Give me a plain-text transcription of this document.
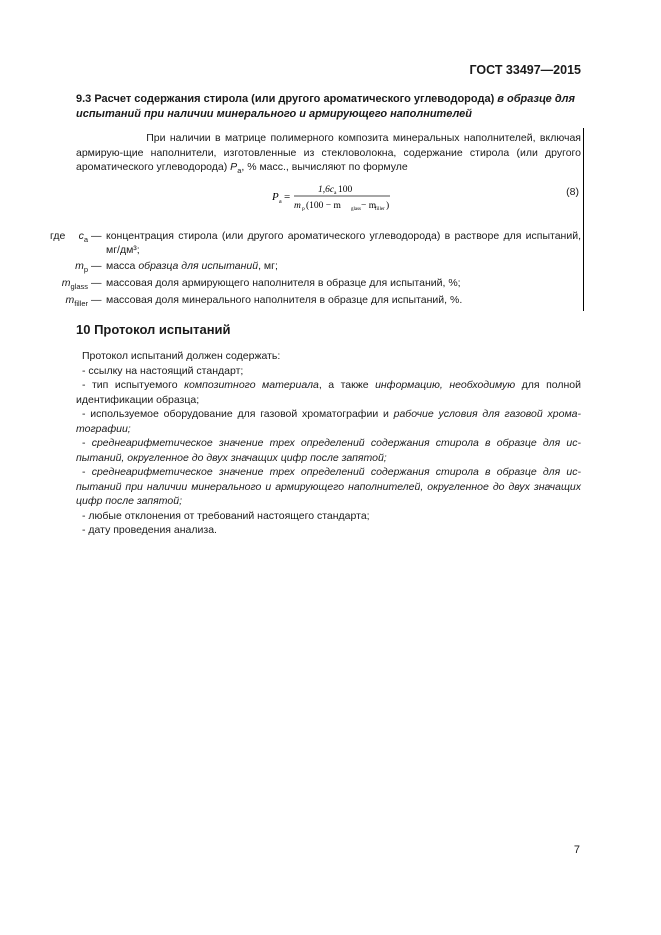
ГОСТ 33497—2015
9.3 Расчет содержания стирола (или другого ароматического углеводорода) в образце для испытаний при наличии минерального и армирующего наполнителей
При наличии в матрице полимерного композита минеральных наполнителей, включая армирую-щие наполнители, изготовленные из стекловолокна, содержание стирола (или другого ароматического углеводорода) $P_a$, % масс., вычисляют по формуле
P a =
1,6c a 100
m p (100 − m glass − m
filler )
(8)
где	$c_a$ — концентрация стирола (или другого ароматического углеводорода) в растворе для испытаний, мг/дм³;
$m_p$ — масса образца для испытаний, мг;
$m_{glass}$ — массовая доля армирующего наполнителя в образце для испытаний, %;
$m_{filler}$ — массовая доля минерального наполнителя в образце для испытаний, %.
10 Протокол испытаний
Протокол испытаний должен содержать:
- ссылку на настоящий стандарт;
- тип испытуемого композитного материала, а также информацию, необходимую для полной идентификации образца;
- используемое оборудование для газовой хроматографии и рабочие условия для газовой хрома-тографии;
- среднеарифметическое значение трех определений содержания стирола в образце для ис-пытаний, округленное до двух значащих цифр после запятой;
- среднеарифметическое значение трех определений содержания стирола в образце для ис-пытаний при наличии минерального и армирующего наполнителей, округленное до двух значащих цифр после запятой;
- любые отклонения от требований настоящего стандарта;
- дату проведения анализа.
7
